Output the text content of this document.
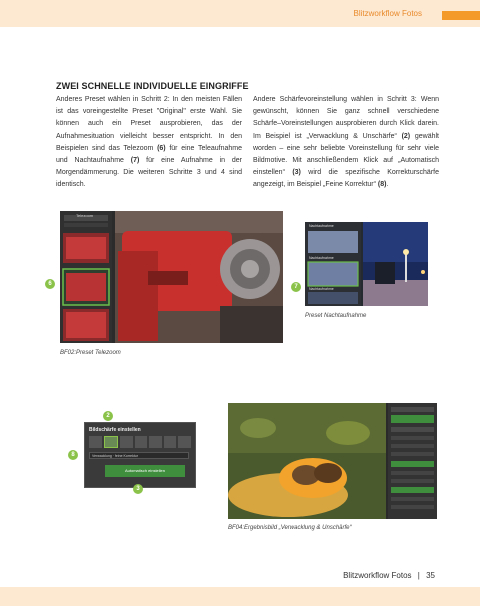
Blitzworkflow Fotos
ZWEI SCHNELLE INDIVIDUELLE EINGRIFFE
Anderes Preset wählen in Schritt 2: In den meisten Fällen ist das voreingestellte Preset "Original" erste Wahl. Sie können auch ein Preset ausprobieren, das der Aufnahmesituation vielleicht besser entspricht. In den Beispielen sind das Telezoom (6) für eine Teleaufnahme und Nachtaufnahme (7) für eine Aufnahme in der Morgendämmerung. Die weiteren Schritte 3 und 4 sind identisch.
Andere Schärfevoreinstellung wählen in Schritt 3: Wenn gewünscht, können Sie ganz schnell verschiedene Schärfe–Voreinstellungen ausprobieren durch Klick darein. Im Beispiel ist „Verwacklung & Unschärfe“ (2) gewählt worden – eine sehr beliebte Voreinstellung für sehr viele Bildmotive. Mit anschließendem Klick auf „Automatisch einstellen“ (3) wird die spezifische Korrekturschärfe angezeigt, im Beispiel „Feine Korrektur“ (8).
Telezoom
6
BF02:Preset Telezoom
Nachtaufnahme
Nachtaufnahme
Nachtaufnahme
7
Preset Nachtaufnahme
Bildschärfe einstellen
Verwacklung · feine Korrektur
Automatisch einstellen
2
8
3
BF04:Ergebnisbild „Verwacklung & Unschärfe“
Blitzworkflow Fotos | 35
